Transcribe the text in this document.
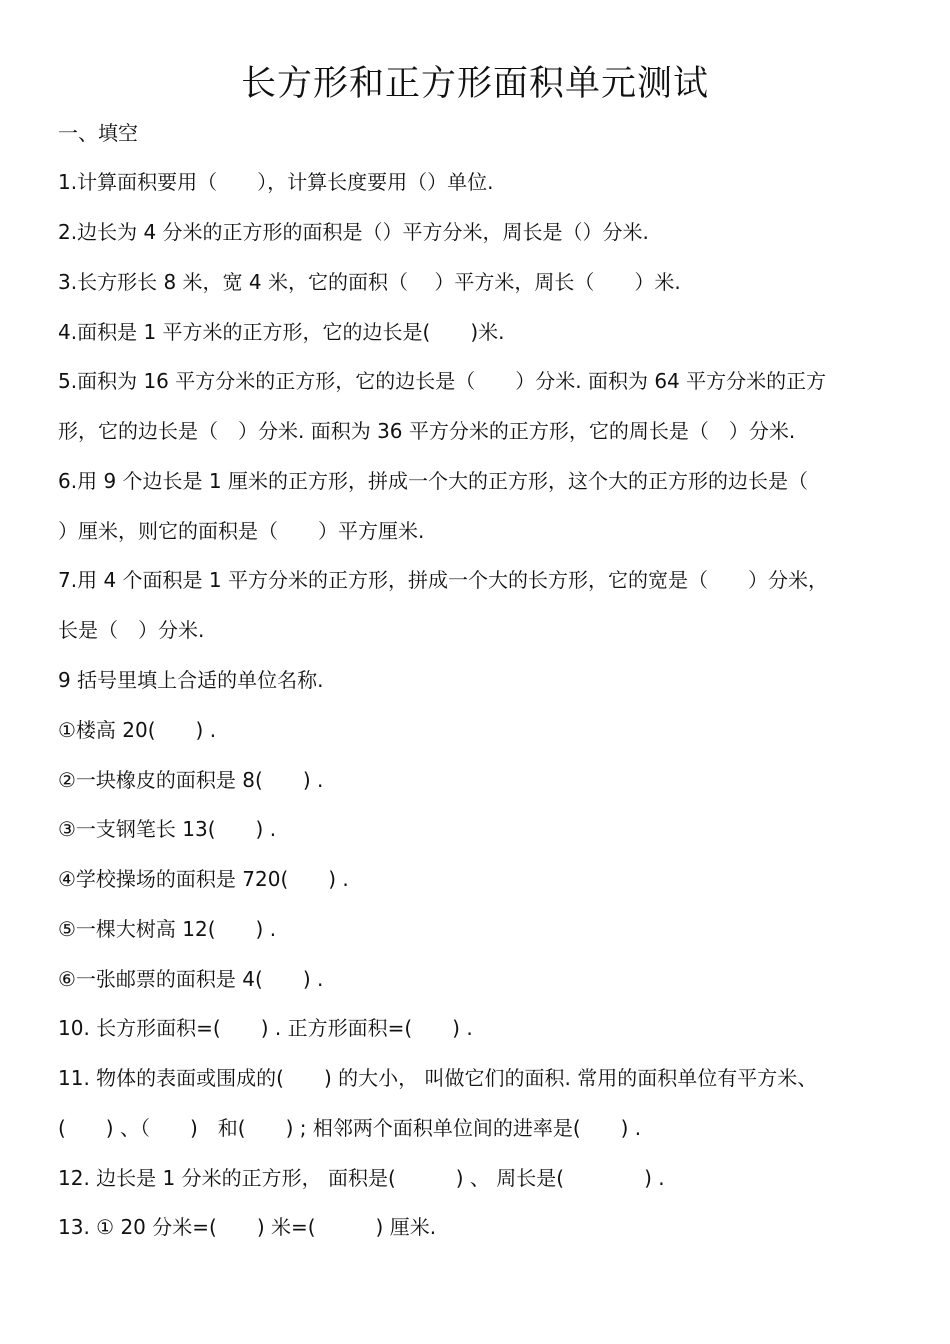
长方形和正方形面积单元测试
一、填空
1.计算面积要用（　　），计算长度要用（）单位.
2.边长为 4 分米的正方形的面积是（）平方分米，周长是（）分米.
3.长方形长 8 米，宽 4 米，它的面积（　 ）平方米，周长（　　）米.
4.面积是 1 平方米的正方形，它的边长是(　　)米.
5.面积为 16 平方分米的正方形，它的边长是（　　）分米. 面积为 64 平方分米的正方
形，它的边长是（　）分米. 面积为 36 平方分米的正方形，它的周长是（　）分米.
6.用 9 个边长是 1 厘米的正方形，拼成一个大的正方形，这个大的正方形的边长是（
）厘米，则它的面积是（　　）平方厘米.
7.用 4 个面积是 1 平方分米的正方形，拼成一个大的长方形，它的宽是（　　）分米，
长是（　）分米.
9 括号里填上合适的单位名称.
①楼高 20(　　) .
②一块橡皮的面积是 8(　　) .
③一支钢笔长 13(　　) .
④学校操场的面积是 720(　　) .
⑤一棵大树高 12(　　) .
⑥一张邮票的面积是 4(　　) .
10. 长方形面积=(　　) . 正方形面积=(　　) .
11. 物体的表面或围成的(　　) 的大小， 叫做它们的面积. 常用的面积单位有平方米、
(　　) 、（　　)　和(　　) ; 相邻两个面积单位间的进率是(　　) .
12. 边长是 1 分米的正方形， 面积是(　　　) 、 周长是(　　　　) .
13. ① 20 分米=(　　) 米=(　　　) 厘米.
